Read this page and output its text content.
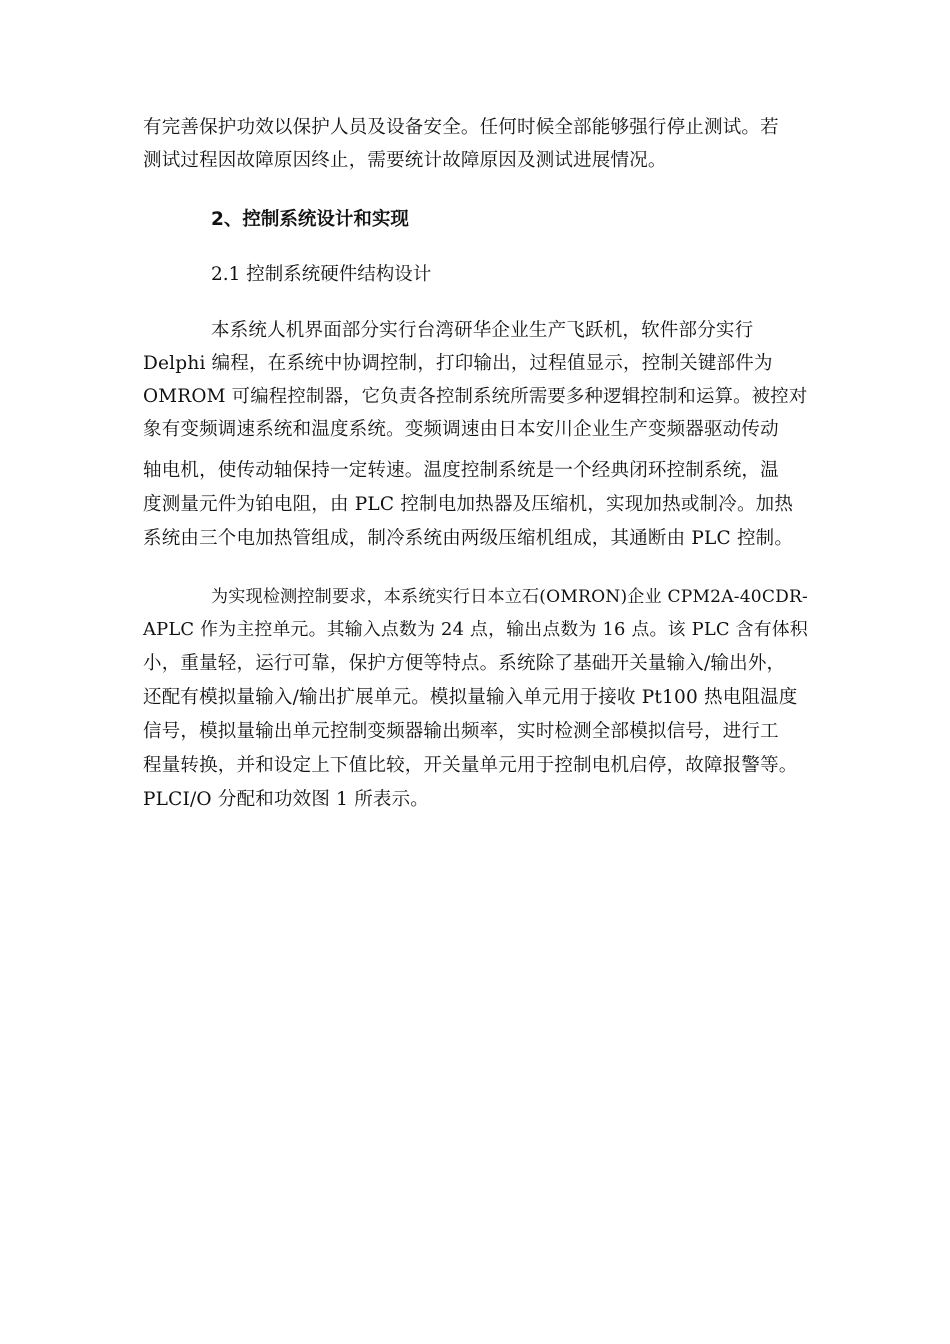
有完善保护功效以保护人员及设备安全。任何时候全部能够强行停止测试。若
测试过程因故障原因终止，需要统计故障原因及测试进展情况。
2、控制系统设计和实现
2.1 控制系统硬件结构设计
本系统人机界面部分实行台湾研华企业生产飞跃机，软件部分实行
Delphi 编程，在系统中协调控制，打印输出，过程值显示，控制关键部件为
OMROM 可编程控制器，它负责各控制系统所需要多种逻辑控制和运算。被控对
象有变频调速系统和温度系统。变频调速由日本安川企业生产变频器驱动传动
轴电机，使传动轴保持一定转速。温度控制系统是一个经典闭环控制系统，温
度测量元件为铂电阻，由 PLC 控制电加热器及压缩机，实现加热或制冷。加热
系统由三个电加热管组成，制冷系统由两级压缩机组成，其通断由 PLC 控制。
为实现检测控制要求，本系统实行日本立石(OMRON)企业 CPM2A-40CDR-
APLC 作为主控单元。其输入点数为 24 点，输出点数为 16 点。该 PLC 含有体积
小，重量轻，运行可靠，保护方便等特点。系统除了基础开关量输入/输出外，
还配有模拟量输入/输出扩展单元。模拟量输入单元用于接收 Pt100 热电阻温度
信号，模拟量输出单元控制变频器输出频率，实时检测全部模拟信号，进行工
程量转换，并和设定上下值比较，开关量单元用于控制电机启停，故障报警等。
PLCI/O 分配和功效图 1 所表示。
